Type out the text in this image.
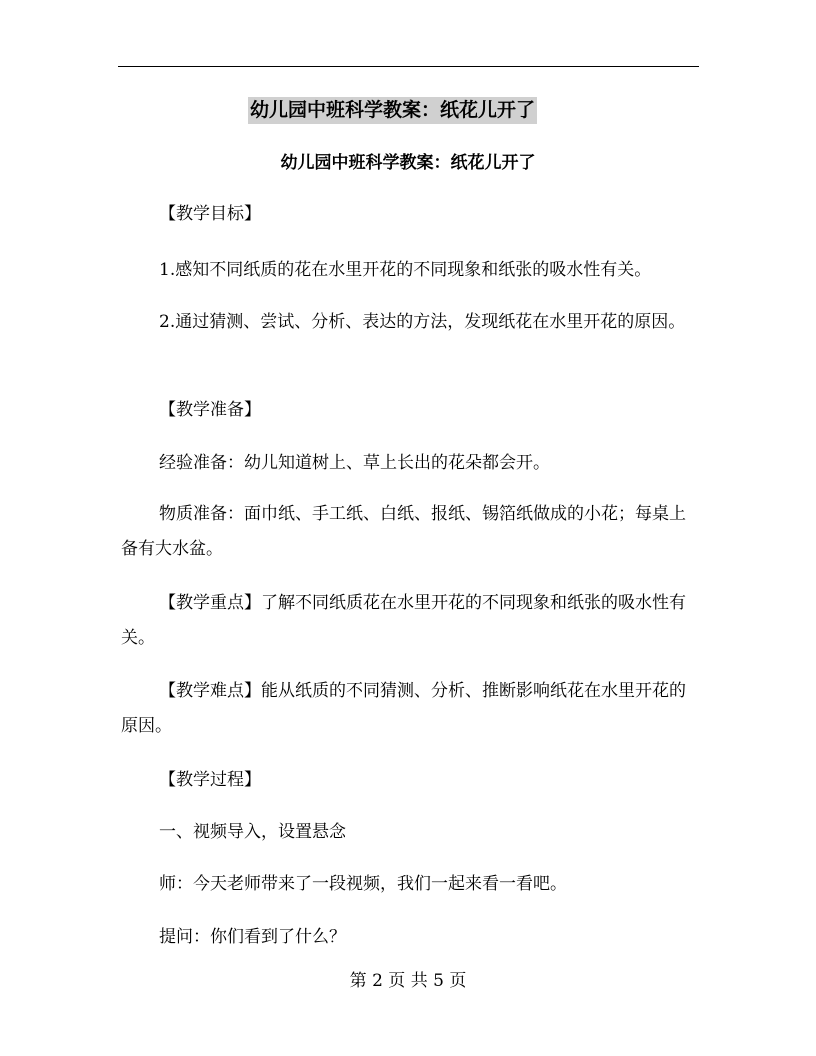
幼儿园中班科学教案：纸花儿开了
幼儿园中班科学教案：纸花儿开了

【教学目标】

1.感知不同纸质的花在水里开花的不同现象和纸张的吸水性有关。

2.通过猜测、尝试、分析、表达的方法，发现纸花在水里开花的原因。

【教学准备】

经验准备：幼儿知道树上、草上长出的花朵都会开。

物质准备：面巾纸、手工纸、白纸、报纸、锡箔纸做成的小花；每桌上备有大水盆。

【教学重点】了解不同纸质花在水里开花的不同现象和纸张的吸水性有关。

【教学难点】能从纸质的不同猜测、分析、推断影响纸花在水里开花的原因。

【教学过程】

一、视频导入，设置悬念

师：今天老师带来了一段视频，我们一起来看一看吧。

提问：你们看到了什么？

第 2 页 共 5 页
